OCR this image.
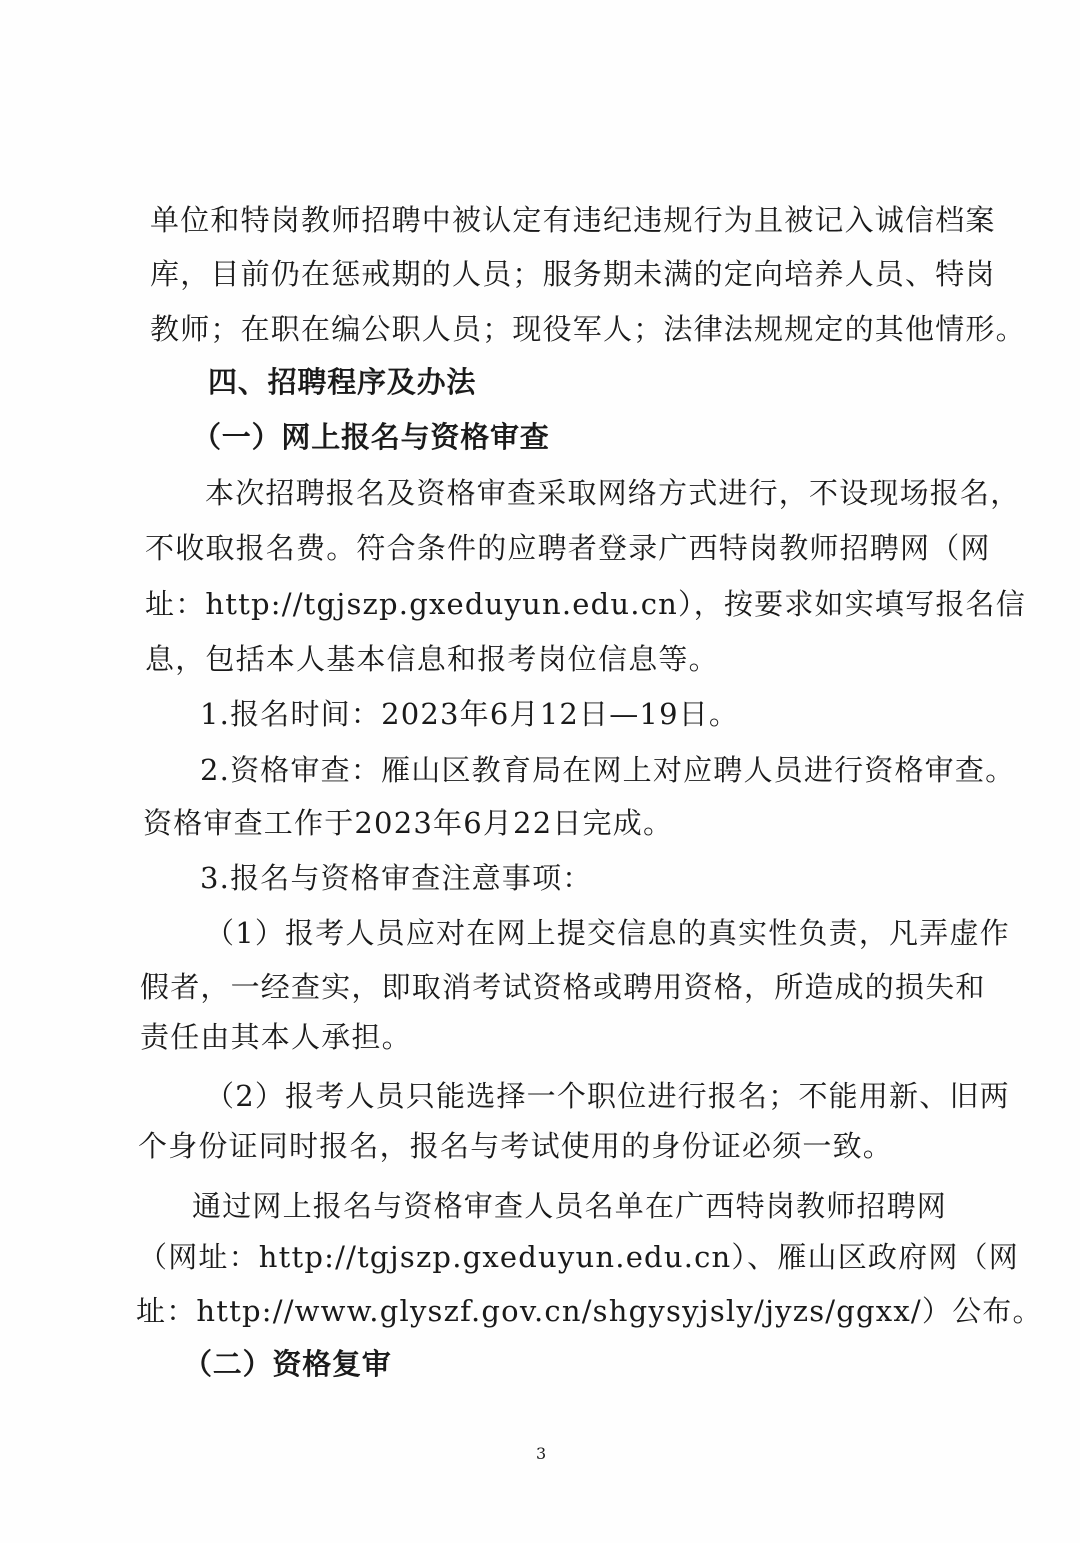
单位和特岗教师招聘中被认定有违纪违规行为且被记入诚信档案
库，目前仍在惩戒期的人员；服务期未满的定向培养人员、特岗
教师；在职在编公职人员；现役军人；法律法规规定的其他情形。
四、招聘程序及办法
（一）网上报名与资格审查
本次招聘报名及资格审查采取网络方式进行，不设现场报名，
不收取报名费。符合条件的应聘者登录广西特岗教师招聘网（网
址：http://tgjszp.gxeduyun.edu.cn），按要求如实填写报名信
息，包括本人基本信息和报考岗位信息等。
1.报名时间：2023年6月12日—19日。
2.资格审查：雁山区教育局在网上对应聘人员进行资格审查。
资格审查工作于2023年6月22日完成。
3.报名与资格审查注意事项：
（1）报考人员应对在网上提交信息的真实性负责，凡弄虚作
假者，一经查实，即取消考试资格或聘用资格，所造成的损失和
责任由其本人承担。
（2）报考人员只能选择一个职位进行报名；不能用新、旧两
个身份证同时报名，报名与考试使用的身份证必须一致。
通过网上报名与资格审查人员名单在广西特岗教师招聘网
（网址：http://tgjszp.gxeduyun.edu.cn）、雁山区政府网（网
址：http://www.glyszf.gov.cn/shgysyjsly/jyzs/ggxx/）公布。
（二）资格复审
3
